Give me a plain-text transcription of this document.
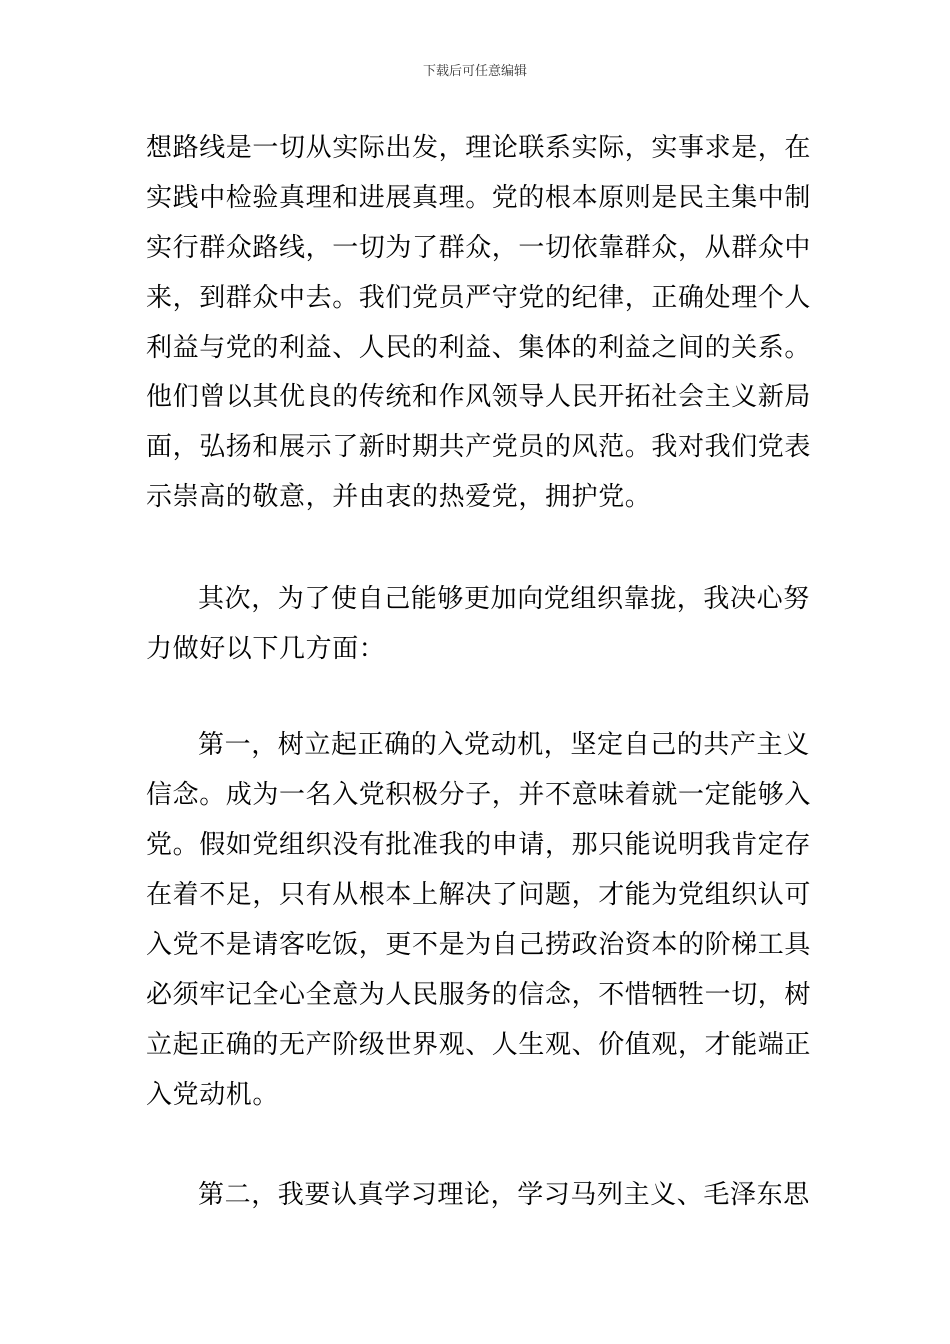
下载后可任意编辑
想路线是一切从实际出发，理论联系实际，实事求是，在
实践中检验真理和进展真理。党的根本原则是民主集中制
实行群众路线，一切为了群众，一切依靠群众，从群众中
来，到群众中去。我们党员严守党的纪律，正确处理个人
利益与党的利益、人民的利益、集体的利益之间的关系。
他们曾以其优良的传统和作风领导人民开拓社会主义新局
面，弘扬和展示了新时期共产党员的风范。我对我们党表
示崇高的敬意，并由衷的热爱党，拥护党。
其次，为了使自己能够更加向党组织靠拢，我决心努
力做好以下几方面：
第一，树立起正确的入党动机，坚定自己的共产主义
信念。成为一名入党积极分子，并不意味着就一定能够入
党。假如党组织没有批准我的申请，那只能说明我肯定存
在着不足，只有从根本上解决了问题，才能为党组织认可
入党不是请客吃饭，更不是为自己捞政治资本的阶梯工具
必须牢记全心全意为人民服务的信念，不惜牺牲一切，树
立起正确的无产阶级世界观、人生观、价值观，才能端正
入党动机。
第二，我要认真学习理论，学习马列主义、毛泽东思
